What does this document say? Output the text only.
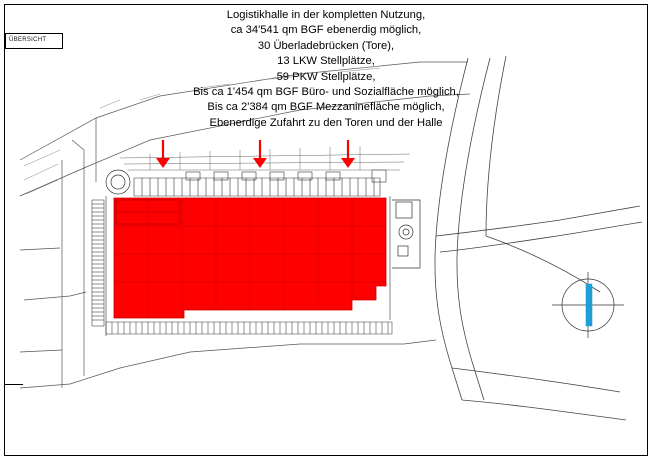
ÜBERSICHT
Logistikhalle in der kompletten Nutzung,
ca 34'541 qm BGF ebenerdig möglich,
30 Überladebrücken (Tore),
13 LKW Stellplätze,
59 PKW Stellplätze,
Bis ca 1'454 qm BGF Büro- und Sozialfläche möglich,
Bis ca 2'384 qm BGF Mezzaninefläche möglich,
Ebenerdige Zufahrt zu den Toren und der Halle
